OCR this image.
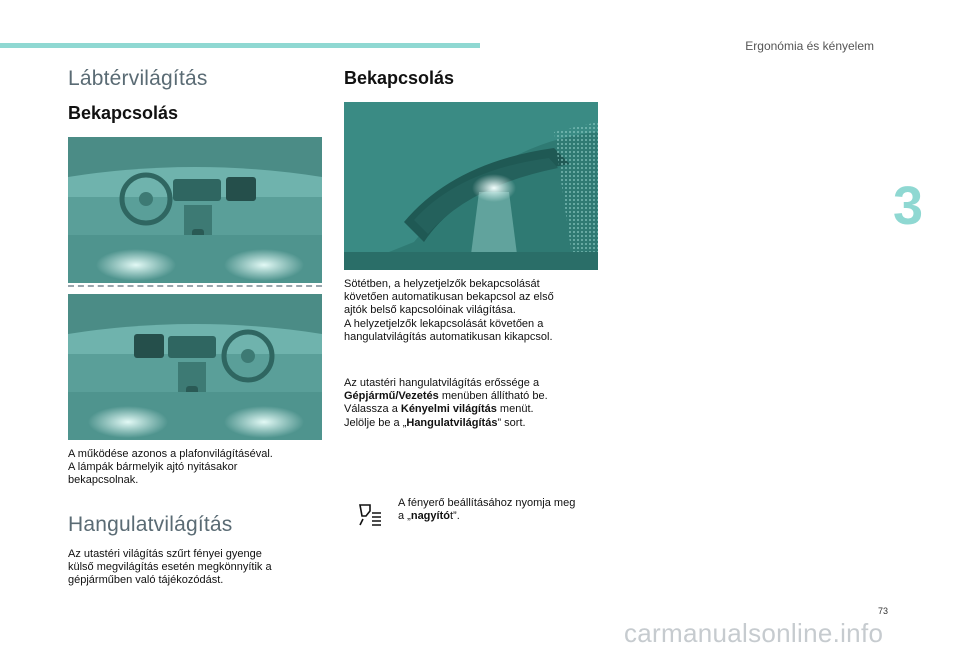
Ergonómia és kényelem
3
Lábtérvilágítás
Bekapcsolás
A működése azonos a plafonvilágításéval.
A lámpák bármelyik ajtó nyitásakor
bekapcsolnak.
Hangulatvilágítás
Az utastéri világítás szűrt fényei gyenge
külső megvilágítás esetén megkönnyítik a
gépjárműben való tájékozódást.
Bekapcsolás
Sötétben, a helyzetjelzők bekapcsolását
követően automatikusan bekapcsol az első
ajtók belső kapcsolóinak világítása.
A helyzetjelzők lekapcsolását követően a
hangulatvilágítás automatikusan kikapcsol.
Az utastéri hangulatvilágítás erőssége a
Gépjármű/Vezetés menüben állítható be.
Válassza a Kényelmi világítás menüt.
Jelölje be a „Hangulatvilágítás” sort.
A fényerő beállításához nyomja meg
a „nagyítót”.
73
carmanualsonline.info
